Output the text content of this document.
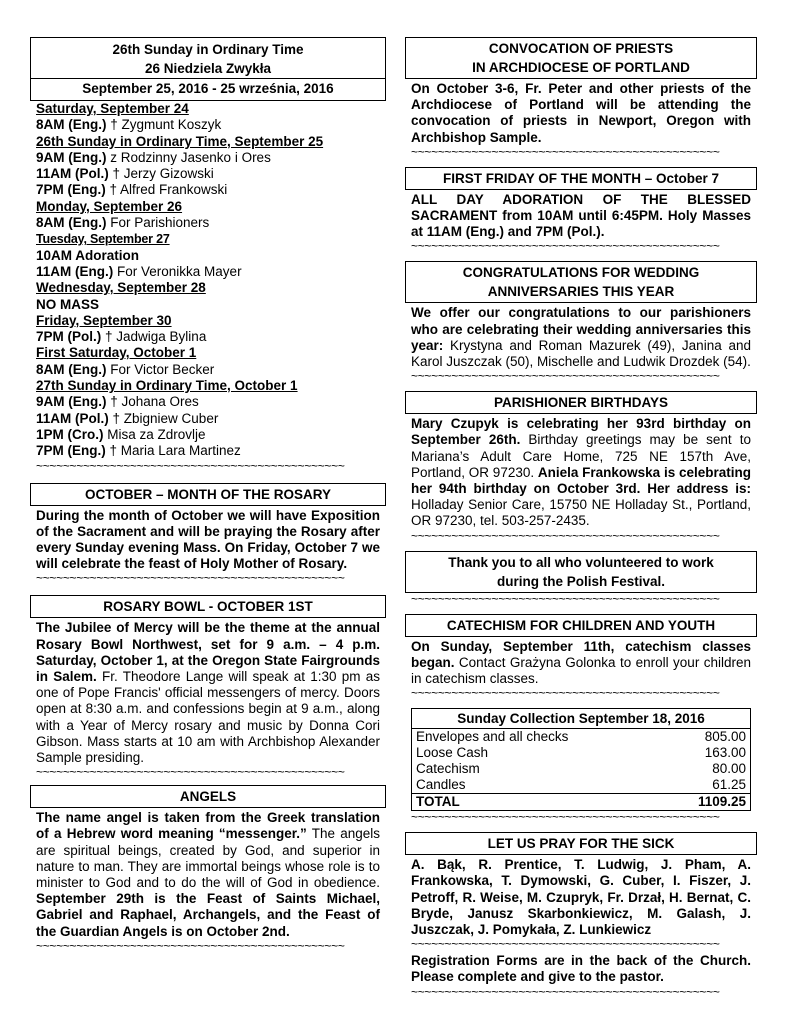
26th Sunday in Ordinary Time
26 Niedziela Zwykła
September 25, 2016 - 25 września, 2016
Saturday, September 24
8AM (Eng.) † Zygmunt Koszyk
26th Sunday in Ordinary Time, September 25
9AM (Eng.) z Rodzinny Jasenko i Ores
11AM (Pol.) † Jerzy Gizowski
7PM (Eng.) † Alfred Frankowski
Monday, September 26
8AM (Eng.) For Parishioners
Tuesday, September 27
10AM Adoration
11AM (Eng.) For Veronikka Mayer
Wednesday, September 28
NO MASS
Friday, September 30
7PM (Pol.) † Jadwiga Bylina
First Saturday, October 1
8AM (Eng.) For Victor Becker
27th Sunday in Ordinary Time, October 1
9AM (Eng.) † Johana Ores
11AM (Pol.) † Zbigniew Cuber
1PM (Cro.) Misa za Zdrovlje
7PM (Eng.) † Maria Lara Martinez
~~~~~~~~~~~~~~~~~~~~~~~~~~~~~~~~~~~~~~~~~~~~~~
OCTOBER – MONTH OF THE ROSARY
During the month of October we will have Exposition of the Sacrament and will be praying the Rosary after every Sunday evening Mass. On Friday, October 7 we will celebrate the feast of Holy Mother of Rosary.
~~~~~~~~~~~~~~~~~~~~~~~~~~~~~~~~~~~~~~~~~~~~~~
ROSARY BOWL - OCTOBER 1ST
The Jubilee of Mercy will be the theme at the annual Rosary Bowl Northwest, set for 9 a.m. – 4 p.m. Saturday, October 1, at the Oregon State Fairgrounds in Salem. Fr. Theodore Lange will speak at 1:30 pm as one of Pope Francis' official messengers of mercy. Doors open at 8:30 a.m. and confessions begin at 9 a.m., along with a Year of Mercy rosary and music by Donna Cori Gibson. Mass starts at 10 am with Archbishop Alexander Sample presiding.
~~~~~~~~~~~~~~~~~~~~~~~~~~~~~~~~~~~~~~~~~~~~~~
ANGELS
The name angel is taken from the Greek translation of a Hebrew word meaning “messenger.” The angels are spiritual beings, created by God, and superior in nature to man. They are immortal beings whose role is to minister to God and to do the will of God in obedience. September 29th is the Feast of Saints Michael, Gabriel and Raphael, Archangels, and the Feast of the Guardian Angels is on October 2nd.
~~~~~~~~~~~~~~~~~~~~~~~~~~~~~~~~~~~~~~~~~~~~~~
CONVOCATION OF PRIESTS
IN ARCHDIOCESE OF PORTLAND
On October 3-6, Fr. Peter and other priests of the Archdiocese of Portland will be attending the convocation of priests in Newport, Oregon with Archbishop Sample.
~~~~~~~~~~~~~~~~~~~~~~~~~~~~~~~~~~~~~~~~~~~~~~
FIRST FRIDAY OF THE MONTH – October 7
ALL DAY ADORATION OF THE BLESSED SACRAMENT from 10AM until 6:45PM. Holy Masses at 11AM (Eng.) and 7PM (Pol.).
~~~~~~~~~~~~~~~~~~~~~~~~~~~~~~~~~~~~~~~~~~~~~~
CONGRATULATIONS FOR WEDDING
ANNIVERSARIES THIS YEAR
We offer our congratulations to our parishioners who are celebrating their wedding anniversaries this year: Krystyna and Roman Mazurek (49), Janina and Karol Juszczak (50), Mischelle and Ludwik Drozdek (54).
~~~~~~~~~~~~~~~~~~~~~~~~~~~~~~~~~~~~~~~~~~~~~~
PARISHIONER BIRTHDAYS
Mary Czupyk is celebrating her 93rd birthday on September 26th. Birthday greetings may be sent to Mariana’s Adult Care Home, 725 NE 157th Ave, Portland, OR 97230. Aniela Frankowska is celebrating her 94th birthday on October 3rd. Her address is: Holladay Senior Care, 15750 NE Holladay St., Portland, OR 97230, tel. 503-257-2435.
~~~~~~~~~~~~~~~~~~~~~~~~~~~~~~~~~~~~~~~~~~~~~~
Thank you to all who volunteered to work
during the Polish Festival.
~~~~~~~~~~~~~~~~~~~~~~~~~~~~~~~~~~~~~~~~~~~~~~
CATECHISM FOR CHILDREN AND YOUTH
On Sunday, September 11th, catechism classes began. Contact Grażyna Golonka to enroll your children in catechism classes.
~~~~~~~~~~~~~~~~~~~~~~~~~~~~~~~~~~~~~~~~~~~~~~
Sunday Collection September 18, 2016
Envelopes and all checks	805.00
Loose Cash	163.00
Catechism	80.00
Candles	61.25
TOTAL	1109.25
~~~~~~~~~~~~~~~~~~~~~~~~~~~~~~~~~~~~~~~~~~~~~~
LET US PRAY FOR THE SICK
A. Bąk, R. Prentice, T. Ludwig, J. Pham, A. Frankowska, T. Dymowski, G. Cuber, I. Fiszer, J. Petroff, R. Weise, M. Czupryk, Fr. Drzał, H. Bernat, C. Bryde, Janusz Skarbonkiewicz, M. Galash, J. Juszczak, J. Pomykała, Z. Lunkiewicz
~~~~~~~~~~~~~~~~~~~~~~~~~~~~~~~~~~~~~~~~~~~~~~
Registration Forms are in the back of the Church. Please complete and give to the pastor.
~~~~~~~~~~~~~~~~~~~~~~~~~~~~~~~~~~~~~~~~~~~~~~
